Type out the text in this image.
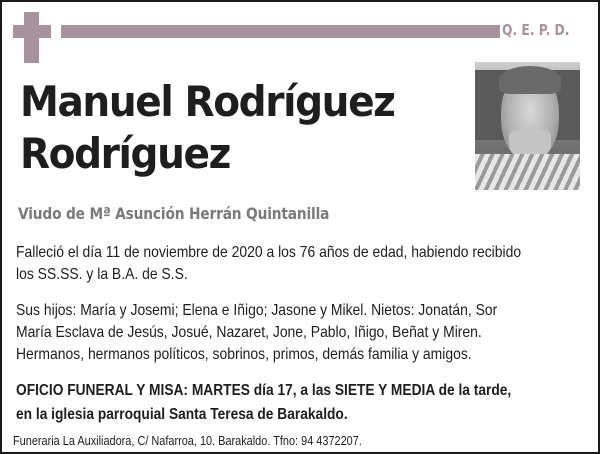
Q. E. P. D.
Manuel Rodríguez
Rodríguez
Viudo de Mª Asunción Herrán Quintanilla

Falleció el día 11 de noviembre de 2020 a los 76 años de edad, habiendo recibido
los SS.SS. y la B.A. de S.S.

Sus hijos: María y Josemi; Elena e Iñigo; Jasone y Mikel. Nietos: Jonatán, Sor
María Esclava de Jesús, Josué, Nazaret, Jone, Pablo, Iñigo, Beñat y Miren.
Hermanos, hermanos políticos, sobrinos, primos, demás familia y amigos.

OFICIO FUNERAL Y MISA: MARTES día 17, a las SIETE Y MEDIA de la tarde,
en la iglesia parroquial Santa Teresa de Barakaldo.

Funeraria La Auxiliadora, C/ Nafarroa, 10. Barakaldo. Tfno: 94 4372207.
